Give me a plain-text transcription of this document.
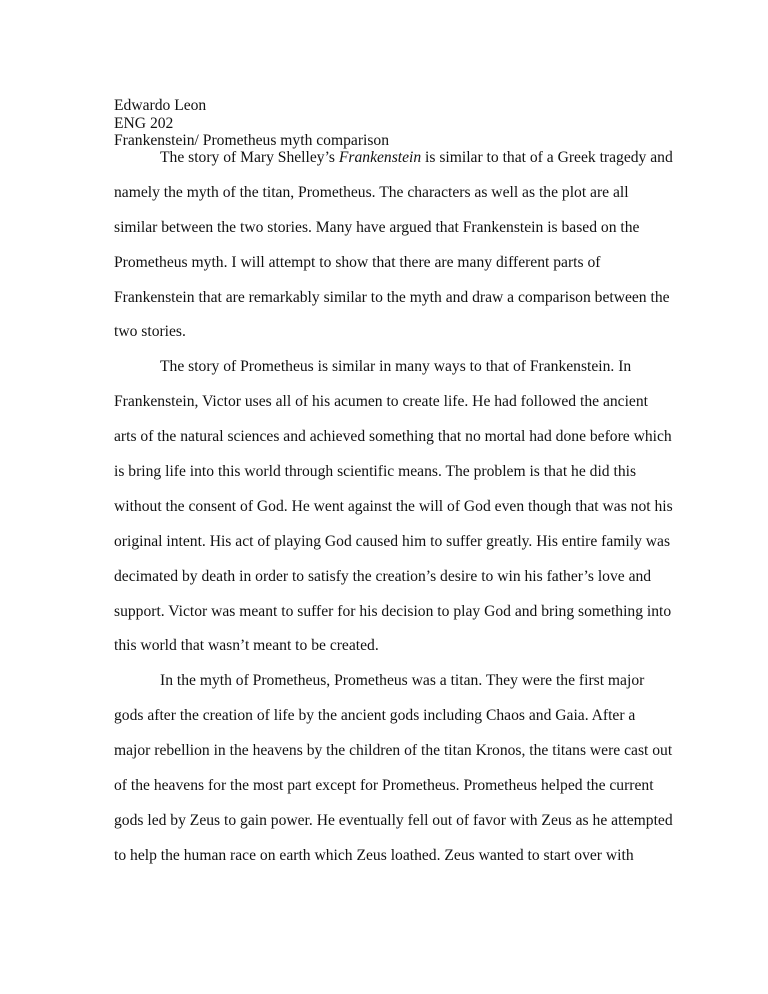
Edwardo Leon
ENG 202
Frankenstein/ Prometheus myth comparison
The story of Mary Shelley’s Frankenstein is similar to that of a Greek tragedy and
namely the myth of the titan, Prometheus. The characters as well as the plot are all
similar between the two stories. Many have argued that Frankenstein is based on the
Prometheus myth. I will attempt to show that there are many different parts of
Frankenstein that are remarkably similar to the myth and draw a comparison between the
two stories.
The story of Prometheus is similar in many ways to that of Frankenstein. In
Frankenstein, Victor uses all of his acumen to create life. He had followed the ancient
arts of the natural sciences and achieved something that no mortal had done before which
is bring life into this world through scientific means. The problem is that he did this
without the consent of God. He went against the will of God even though that was not his
original intent. His act of playing God caused him to suffer greatly. His entire family was
decimated by death in order to satisfy the creation’s desire to win his father’s love and
support. Victor was meant to suffer for his decision to play God and bring something into
this world that wasn’t meant to be created.
In the myth of Prometheus, Prometheus was a titan. They were the first major
gods after the creation of life by the ancient gods including Chaos and Gaia. After a
major rebellion in the heavens by the children of the titan Kronos, the titans were cast out
of the heavens for the most part except for Prometheus. Prometheus helped the current
gods led by Zeus to gain power. He eventually fell out of favor with Zeus as he attempted
to help the human race on earth which Zeus loathed. Zeus wanted to start over with
